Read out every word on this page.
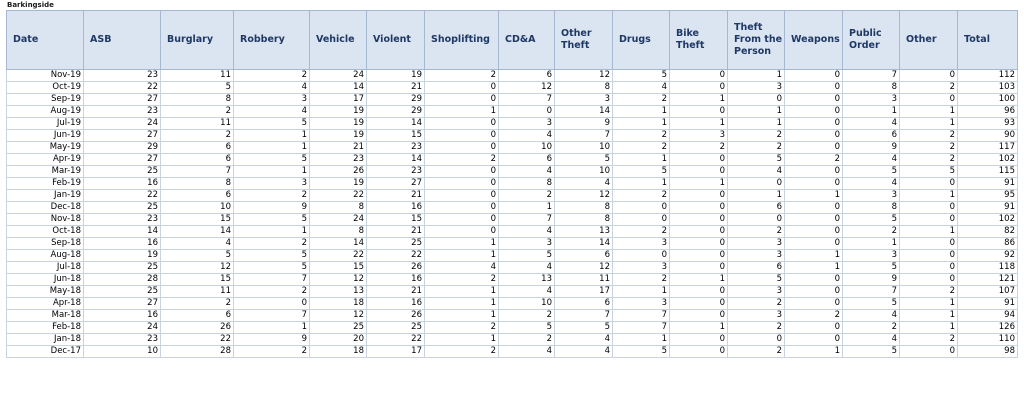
Barkingside
Date	ASB	Burglary	Robbery	Vehicle	Violent	Shoplifting	CD&A	Other Theft	Drugs	Bike Theft	Theft From the Person	Weapons	Public Order	Other	Total
Nov-19	23	11	2	24	19	2	6	12	5	0	1	0	7	0	112
Oct-19	22	5	4	14	21	0	12	8	4	0	3	0	8	2	103
Sep-19	27	8	3	17	29	0	7	3	2	1	0	0	3	0	100
Aug-19	23	2	4	19	29	1	0	14	1	0	1	0	1	1	96
Jul-19	24	11	5	19	14	0	3	9	1	1	1	0	4	1	93
Jun-19	27	2	1	19	15	0	4	7	2	3	2	0	6	2	90
May-19	29	6	1	21	23	0	10	10	2	2	2	0	9	2	117
Apr-19	27	6	5	23	14	2	6	5	1	0	5	2	4	2	102
Mar-19	25	7	1	26	23	0	4	10	5	0	4	0	5	5	115
Feb-19	16	8	3	19	27	0	8	4	1	1	0	0	4	0	91
Jan-19	22	6	2	22	21	0	2	12	2	0	1	1	3	1	95
Dec-18	25	10	9	8	16	0	1	8	0	0	6	0	8	0	91
Nov-18	23	15	5	24	15	0	7	8	0	0	0	0	5	0	102
Oct-18	14	14	1	8	21	0	4	13	2	0	2	0	2	1	82
Sep-18	16	4	2	14	25	1	3	14	3	0	3	0	1	0	86
Aug-18	19	5	5	22	22	1	5	6	0	0	3	1	3	0	92
Jul-18	25	12	5	15	26	4	4	12	3	0	6	1	5	0	118
Jun-18	28	15	7	12	16	2	13	11	2	1	5	0	9	0	121
May-18	25	11	2	13	21	1	4	17	1	0	3	0	7	2	107
Apr-18	27	2	0	18	16	1	10	6	3	0	2	0	5	1	91
Mar-18	16	6	7	12	26	1	2	7	7	0	3	2	4	1	94
Feb-18	24	26	1	25	25	2	5	5	7	1	2	0	2	1	126
Jan-18	23	22	9	20	22	1	2	4	1	0	0	0	4	2	110
Dec-17	10	28	2	18	17	2	4	4	5	0	2	1	5	0	98
